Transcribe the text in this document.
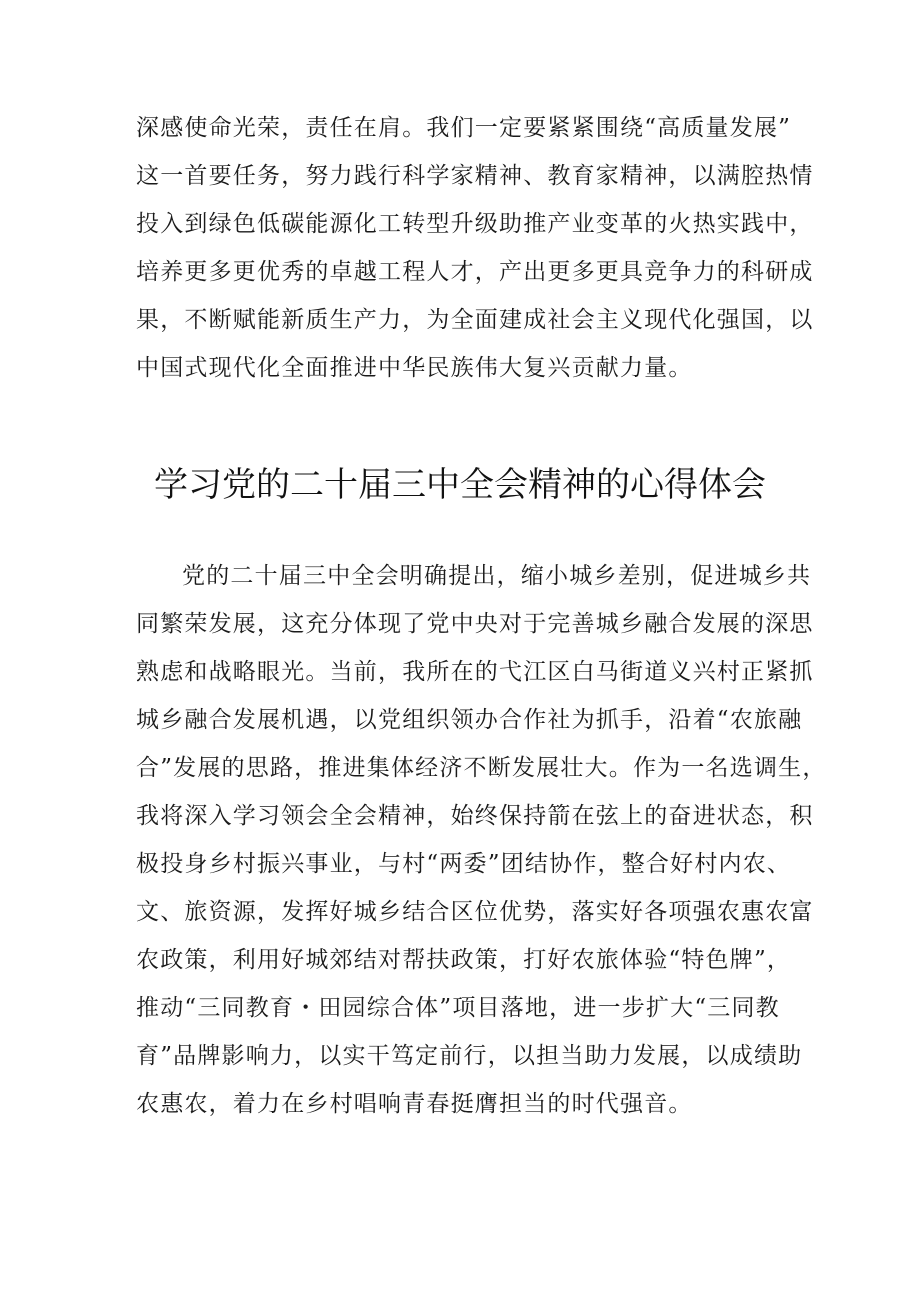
深感使命光荣，责任在肩。我们一定要紧紧围绕“高质量发展”
这一首要任务，努力践行科学家精神、教育家精神，以满腔热情
投入到绿色低碳能源化工转型升级助推产业变革的火热实践中，
培养更多更优秀的卓越工程人才，产出更多更具竞争力的科研成
果，不断赋能新质生产力，为全面建成社会主义现代化强国，以
中国式现代化全面推进中华民族伟大复兴贡献力量。
学习党的二十届三中全会精神的心得体会
党的二十届三中全会明确提出，缩小城乡差别，促进城乡共
同繁荣发展，这充分体现了党中央对于完善城乡融合发展的深思
熟虑和战略眼光。当前，我所在的弋江区白马街道义兴村正紧抓
城乡融合发展机遇，以党组织领办合作社为抓手，沿着“农旅融
合”发展的思路，推进集体经济不断发展壮大。作为一名选调生，
我将深入学习领会全会精神，始终保持箭在弦上的奋进状态，积
极投身乡村振兴事业，与村“两委”团结协作，整合好村内农、
文、旅资源，发挥好城乡结合区位优势，落实好各项强农惠农富
农政策，利用好城郊结对帮扶政策，打好农旅体验“特色牌”，
推动“三同教育・田园综合体”项目落地，进一步扩大“三同教
育”品牌影响力，以实干笃定前行，以担当助力发展，以成绩助
农惠农，着力在乡村唱响青春挺膺担当的时代强音。
